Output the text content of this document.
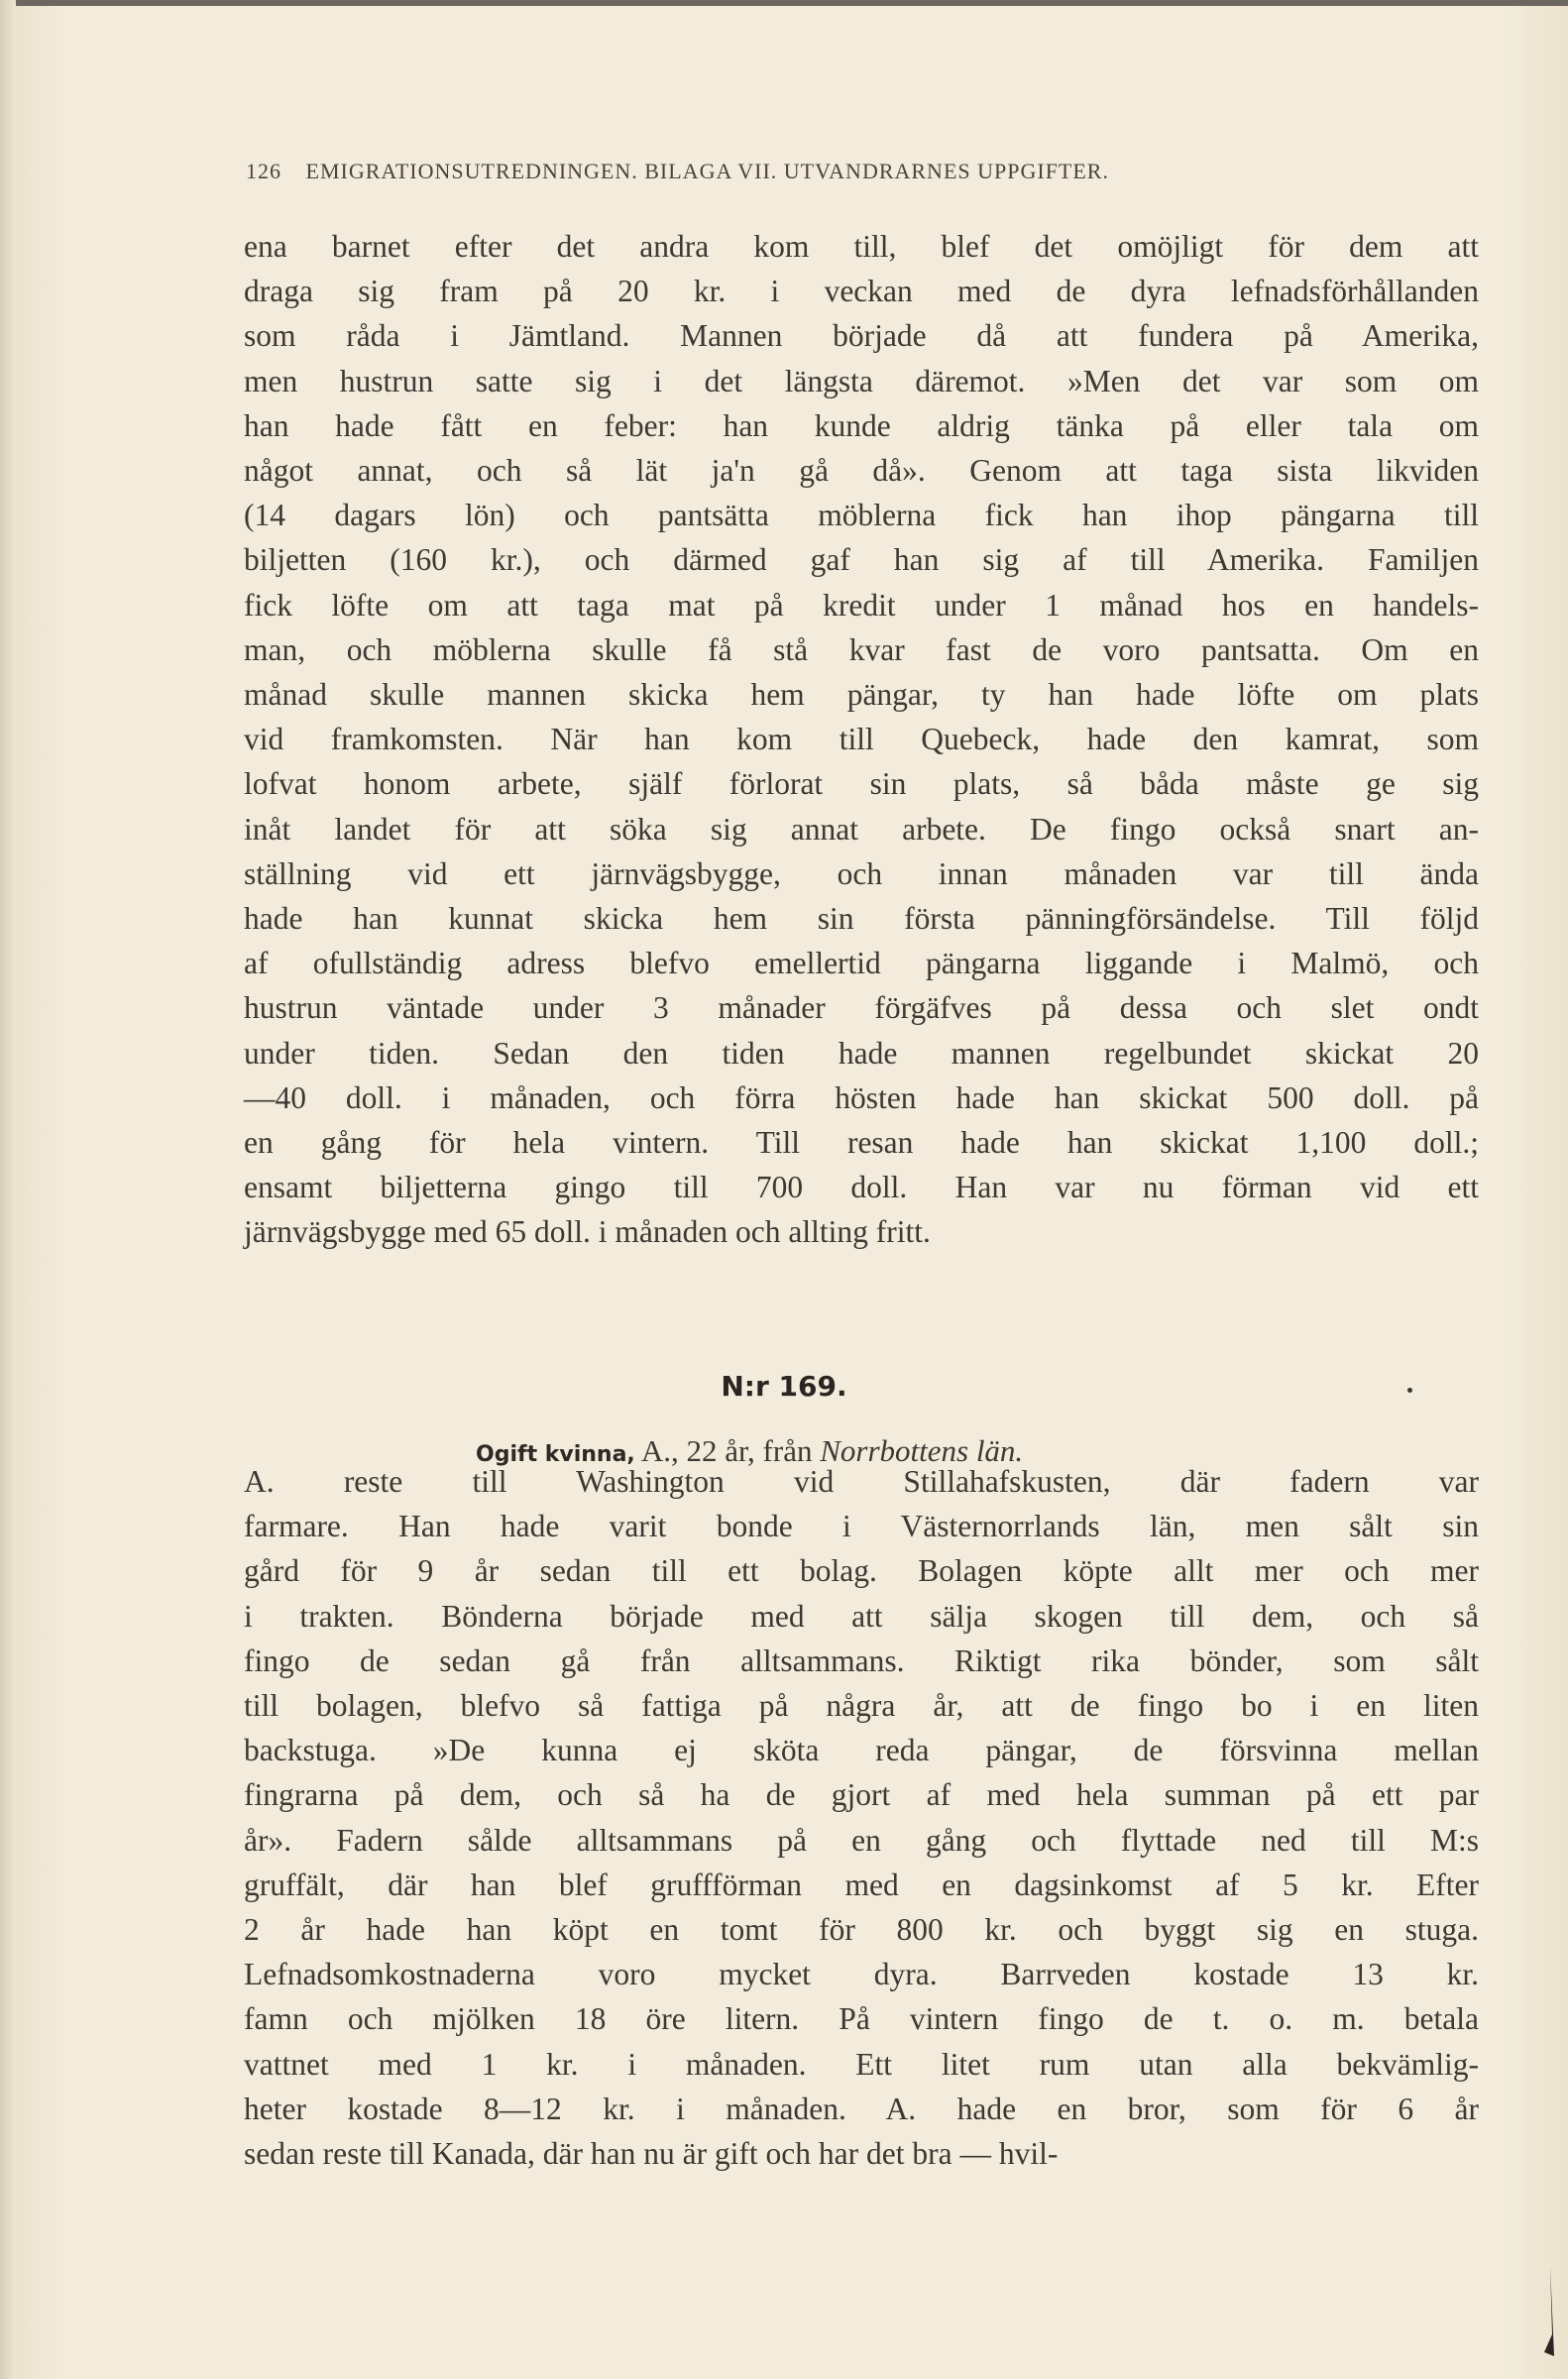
126 EMIGRATIONSUTREDNINGEN. BILAGA VII. UTVANDRARNES UPPGIFTER.
ena barnet efter det andra kom till, blef det omöjligt för dem att
draga sig fram på 20 kr. i veckan med de dyra lefnadsförhållanden
som råda i Jämtland. Mannen började då att fundera på Amerika,
men hustrun satte sig i det längsta däremot. »Men det var som om
han hade fått en feber: han kunde aldrig tänka på eller tala om
något annat, och så lät ja'n gå då». Genom att taga sista likviden
(14 dagars lön) och pantsätta möblerna fick han ihop pängarna till
biljetten (160 kr.), och därmed gaf han sig af till Amerika. Familjen
fick löfte om att taga mat på kredit under 1 månad hos en handels-
man, och möblerna skulle få stå kvar fast de voro pantsatta. Om en
månad skulle mannen skicka hem pängar, ty han hade löfte om plats
vid framkomsten. När han kom till Quebeck, hade den kamrat, som
lofvat honom arbete, själf förlorat sin plats, så båda måste ge sig
inåt landet för att söka sig annat arbete. De fingo också snart an-
ställning vid ett järnvägsbygge, och innan månaden var till ända
hade han kunnat skicka hem sin första pänningförsändelse. Till följd
af ofullständig adress blefvo emellertid pängarna liggande i Malmö, och
hustrun väntade under 3 månader förgäfves på dessa och slet ondt
under tiden. Sedan den tiden hade mannen regelbundet skickat 20
—40 doll. i månaden, och förra hösten hade han skickat 500 doll. på
en gång för hela vintern. Till resan hade han skickat 1,100 doll.;
ensamt biljetterna gingo till 700 doll. Han var nu förman vid ett
järnvägsbygge med 65 doll. i månaden och allting fritt.
N:r 169.
Ogift kvinna, A., 22 år, från Norrbottens län.
A. reste till Washington vid Stillahafskusten, där fadern var
farmare. Han hade varit bonde i Västernorrlands län, men sålt sin
gård för 9 år sedan till ett bolag. Bolagen köpte allt mer och mer
i trakten. Bönderna började med att sälja skogen till dem, och så
fingo de sedan gå från alltsammans. Riktigt rika bönder, som sålt
till bolagen, blefvo så fattiga på några år, att de fingo bo i en liten
backstuga. »De kunna ej sköta reda pängar, de försvinna mellan
fingrarna på dem, och så ha de gjort af med hela summan på ett par
år». Fadern sålde alltsammans på en gång och flyttade ned till M:s
gruffält, där han blef gruffförman med en dagsinkomst af 5 kr. Efter
2 år hade han köpt en tomt för 800 kr. och byggt sig en stuga.
Lefnadsomkostnaderna voro mycket dyra. Barrveden kostade 13 kr.
famn och mjölken 18 öre litern. På vintern fingo de t. o. m. betala
vattnet med 1 kr. i månaden. Ett litet rum utan alla bekvämlig-
heter kostade 8—12 kr. i månaden. A. hade en bror, som för 6 år
sedan reste till Kanada, där han nu är gift och har det bra — hvil-
